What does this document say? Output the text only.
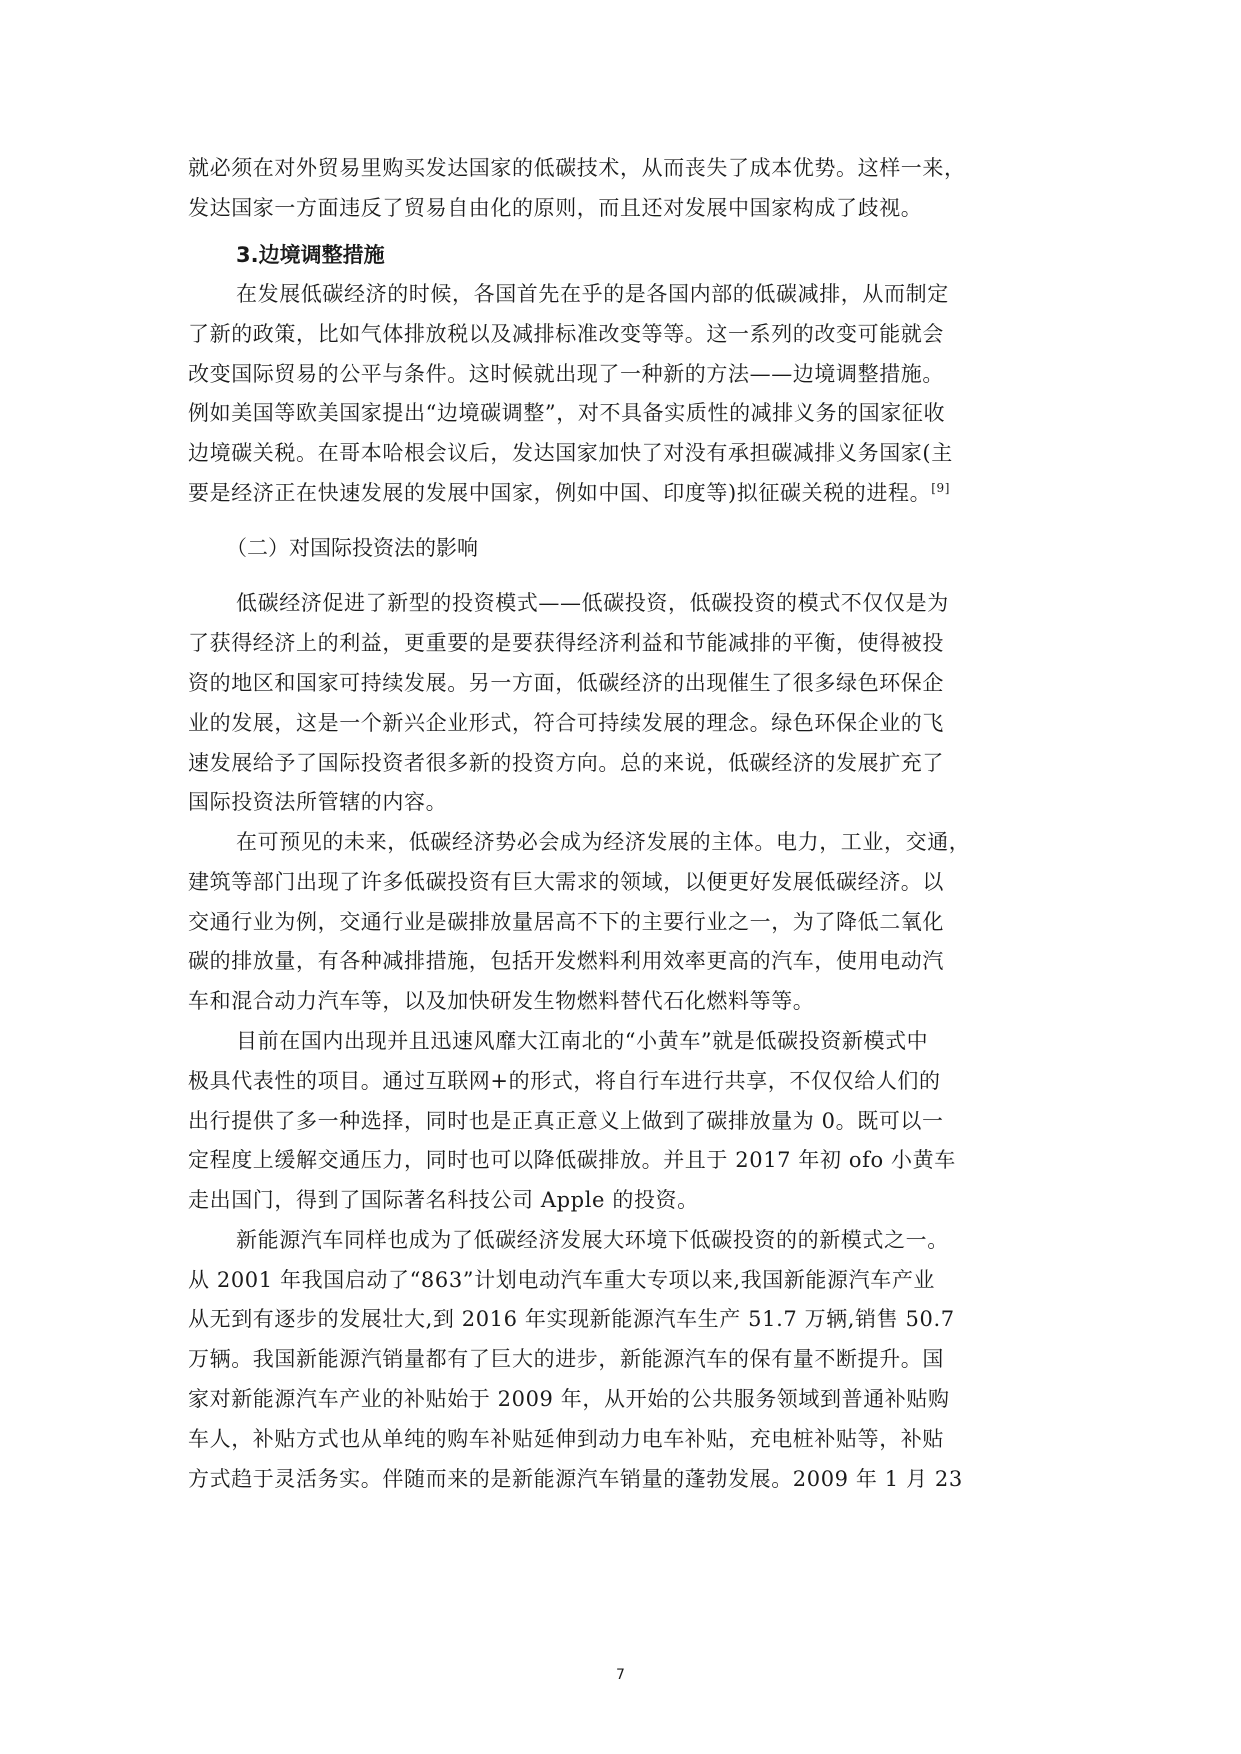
就必须在对外贸易里购买发达国家的低碳技术，从而丧失了成本优势。这样一来，
发达国家一方面违反了贸易自由化的原则，而且还对发展中国家构成了歧视。
3.边境调整措施
在发展低碳经济的时候，各国首先在乎的是各国内部的低碳减排，从而制定
了新的政策，比如气体排放税以及减排标准改变等等。这一系列的改变可能就会
改变国际贸易的公平与条件。这时候就出现了一种新的方法——边境调整措施。
例如美国等欧美国家提出“边境碳调整”，对不具备实质性的减排义务的国家征收
边境碳关税。在哥本哈根会议后，发达国家加快了对没有承担碳减排义务国家(主
要是经济正在快速发展的发展中国家，例如中国、印度等)拟征碳关税的进程。[9]
（二）对国际投资法的影响
低碳经济促进了新型的投资模式——低碳投资，低碳投资的模式不仅仅是为
了获得经济上的利益，更重要的是要获得经济利益和节能减排的平衡，使得被投
资的地区和国家可持续发展。另一方面，低碳经济的出现催生了很多绿色环保企
业的发展，这是一个新兴企业形式，符合可持续发展的理念。绿色环保企业的飞
速发展给予了国际投资者很多新的投资方向。总的来说，低碳经济的发展扩充了
国际投资法所管辖的内容。
在可预见的未来，低碳经济势必会成为经济发展的主体。电力，工业，交通，
建筑等部门出现了许多低碳投资有巨大需求的领域，以便更好发展低碳经济。以
交通行业为例，交通行业是碳排放量居高不下的主要行业之一，为了降低二氧化
碳的排放量，有各种减排措施，包括开发燃料利用效率更高的汽车，使用电动汽
车和混合动力汽车等，以及加快研发生物燃料替代石化燃料等等。
目前在国内出现并且迅速风靡大江南北的“小黄车”就是低碳投资新模式中
极具代表性的项目。通过互联网+的形式，将自行车进行共享，不仅仅给人们的
出行提供了多一种选择，同时也是正真正意义上做到了碳排放量为 0。既可以一
定程度上缓解交通压力，同时也可以降低碳排放。并且于 2017 年初 ofo 小黄车
走出国门，得到了国际著名科技公司 Apple 的投资。
新能源汽车同样也成为了低碳经济发展大环境下低碳投资的的新模式之一。
从 2001 年我国启动了“863”计划电动汽车重大专项以来,我国新能源汽车产业
从无到有逐步的发展壮大,到 2016 年实现新能源汽车生产 51.7 万辆,销售 50.7
万辆。我国新能源汽销量都有了巨大的进步，新能源汽车的保有量不断提升。国
家对新能源汽车产业的补贴始于 2009 年，从开始的公共服务领域到普通补贴购
车人，补贴方式也从单纯的购车补贴延伸到动力电车补贴，充电桩补贴等，补贴
方式趋于灵活务实。伴随而来的是新能源汽车销量的蓬勃发展。2009 年 1 月 23
7
